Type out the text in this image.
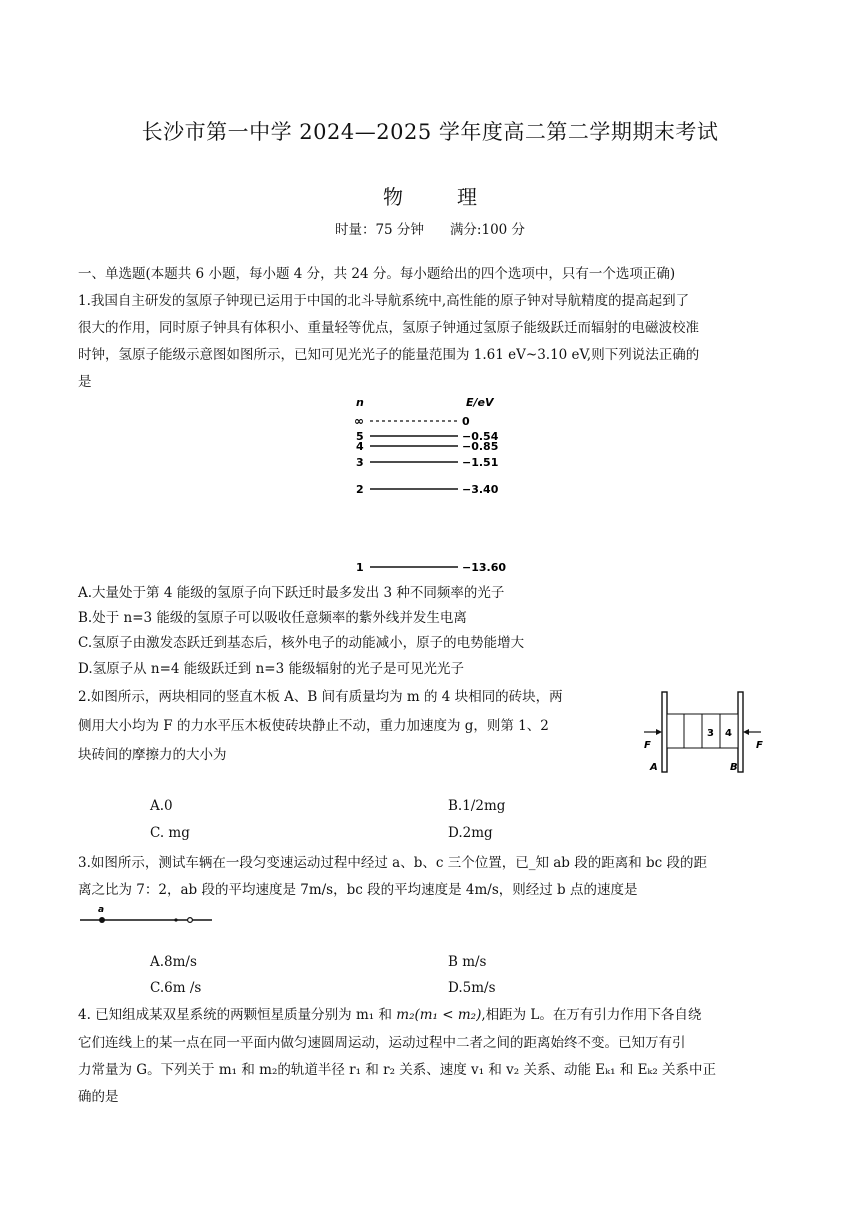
长沙市第一中学 2024—2025 学年度高二第二学期期末考试
物	理
时量：75 分钟 满分:100 分
一、单选题(本题共 6 小题，每小题 4 分，共 24 分。每小题给出的四个选项中，只有一个选项正确)
1.我国自主研发的氢原子钟现已运用于中国的北斗导航系统中,高性能的原子钟对导航精度的提高起到了
很大的作用，同时原子钟具有体积小、重量轻等优点，氢原子钟通过氢原子能级跃迁而辐射的电磁波校准
时钟，氢原子能级示意图如图所示，已知可见光光子的能量范围为 1.61 eV~3.10 eV,则下列说法正确的
是
n	E/eV
∞	0
5	−0.54
4	−0.85
3	−1.51
2	−3.40
1	−13.60
A.大量处于第 4 能级的氢原子向下跃迁时最多发出 3 种不同频率的光子
B.处于 n=3 能级的氢原子可以吸收任意频率的紫外线并发生电离
C.氢原子由激发态跃迁到基态后，核外电子的动能减小，原子的电势能增大
D.氢原子从 n=4 能级跃迁到 n=3 能级辐射的光子是可见光光子
2.如图所示，两块相同的竖直木板 A、B 间有质量均为 m 的 4 块相同的砖块，两
侧用大小均为 F 的力水平压木板使砖块静止不动，重力加速度为 g，则第 1、2
块砖间的摩擦力的大小为
3 4
F	F
A	B
A.0	B.1/2mg
C. mg	D.2mg
3.如图所示，测试车辆在一段匀变速运动过程中经过 a、b、c 三个位置，已_知 ab 段的距离和 bc 段的距
离之比为 7：2，ab 段的平均速度是 7m/s，bc 段的平均速度是 4m/s，则经过 b 点的速度是
a
A.8m/s	B m/s
C.6m /s	D.5m/s
4. 已知组成某双星系统的两颗恒星质量分别为 m₁ 和 m₂(m₁ < m₂),相距为 L。在万有引力作用下各自绕
它们连线上的某一点在同一平面内做匀速圆周运动，运动过程中二者之间的距离始终不变。已知万有引
力常量为 G。下列关于 m₁ 和 m₂的轨道半径 r₁ 和 r₂ 关系、速度 v₁ 和 v₂ 关系、动能 Eₖ₁ 和 Eₖ₂ 关系中正
确的是
